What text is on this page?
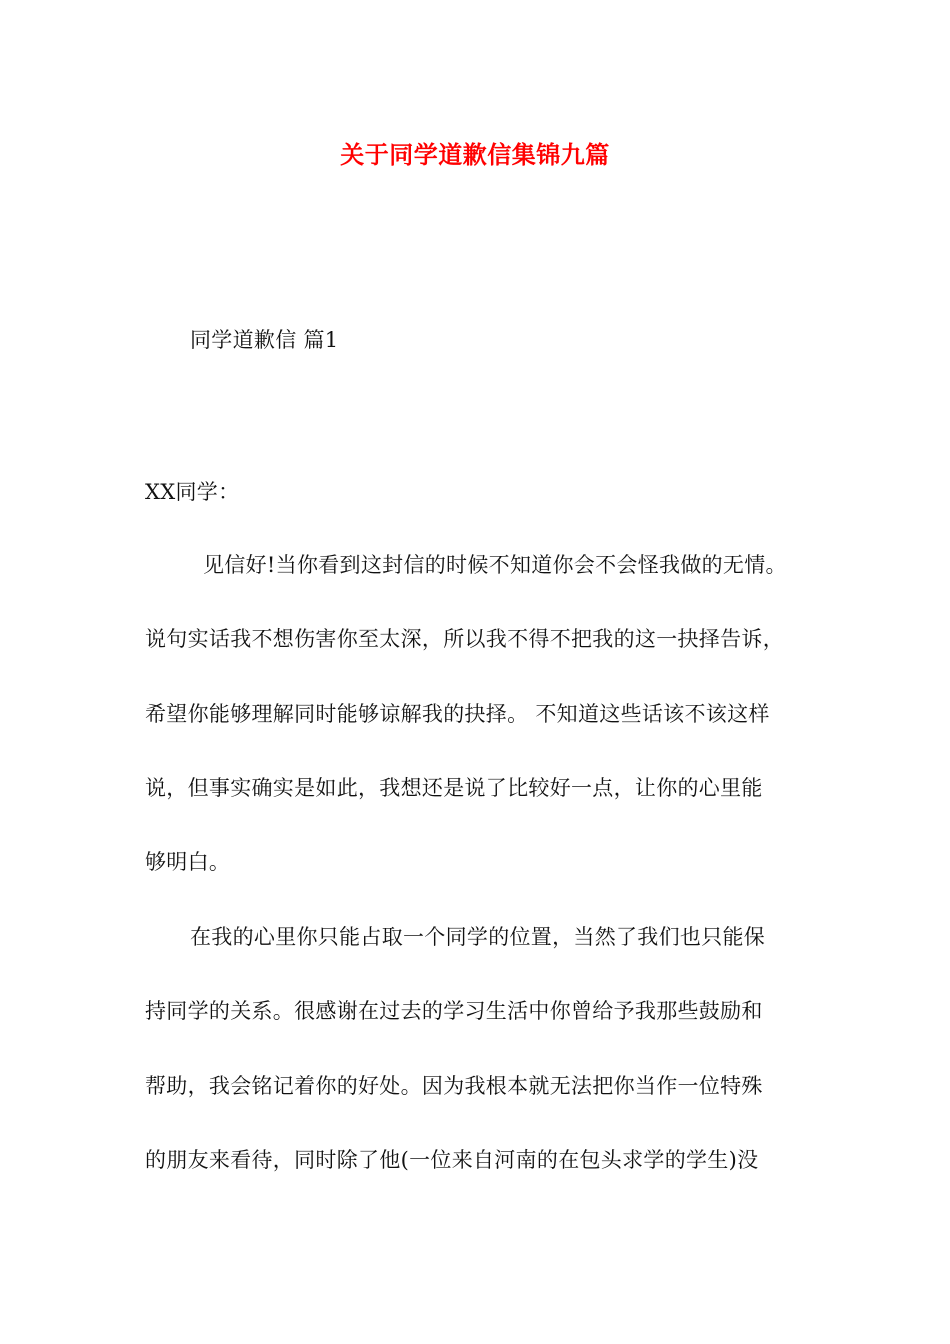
关于同学道歉信集锦九篇
同学道歉信 篇1
XX同学：
见信好!当你看到这封信的时候不知道你会不会怪我做的无情。
说句实话我不想伤害你至太深，所以我不得不把我的这一抉择告诉，
希望你能够理解同时能够谅解我的抉择。 不知道这些话该不该这样
说，但事实确实是如此，我想还是说了比较好一点，让你的心里能
够明白。
在我的心里你只能占取一个同学的位置，当然了我们也只能保
持同学的关系。很感谢在过去的学习生活中你曾给予我那些鼓励和
帮助，我会铭记着你的好处。因为我根本就无法把你当作一位特殊
的朋友来看待，同时除了他(一位来自河南的在包头求学的学生)没
